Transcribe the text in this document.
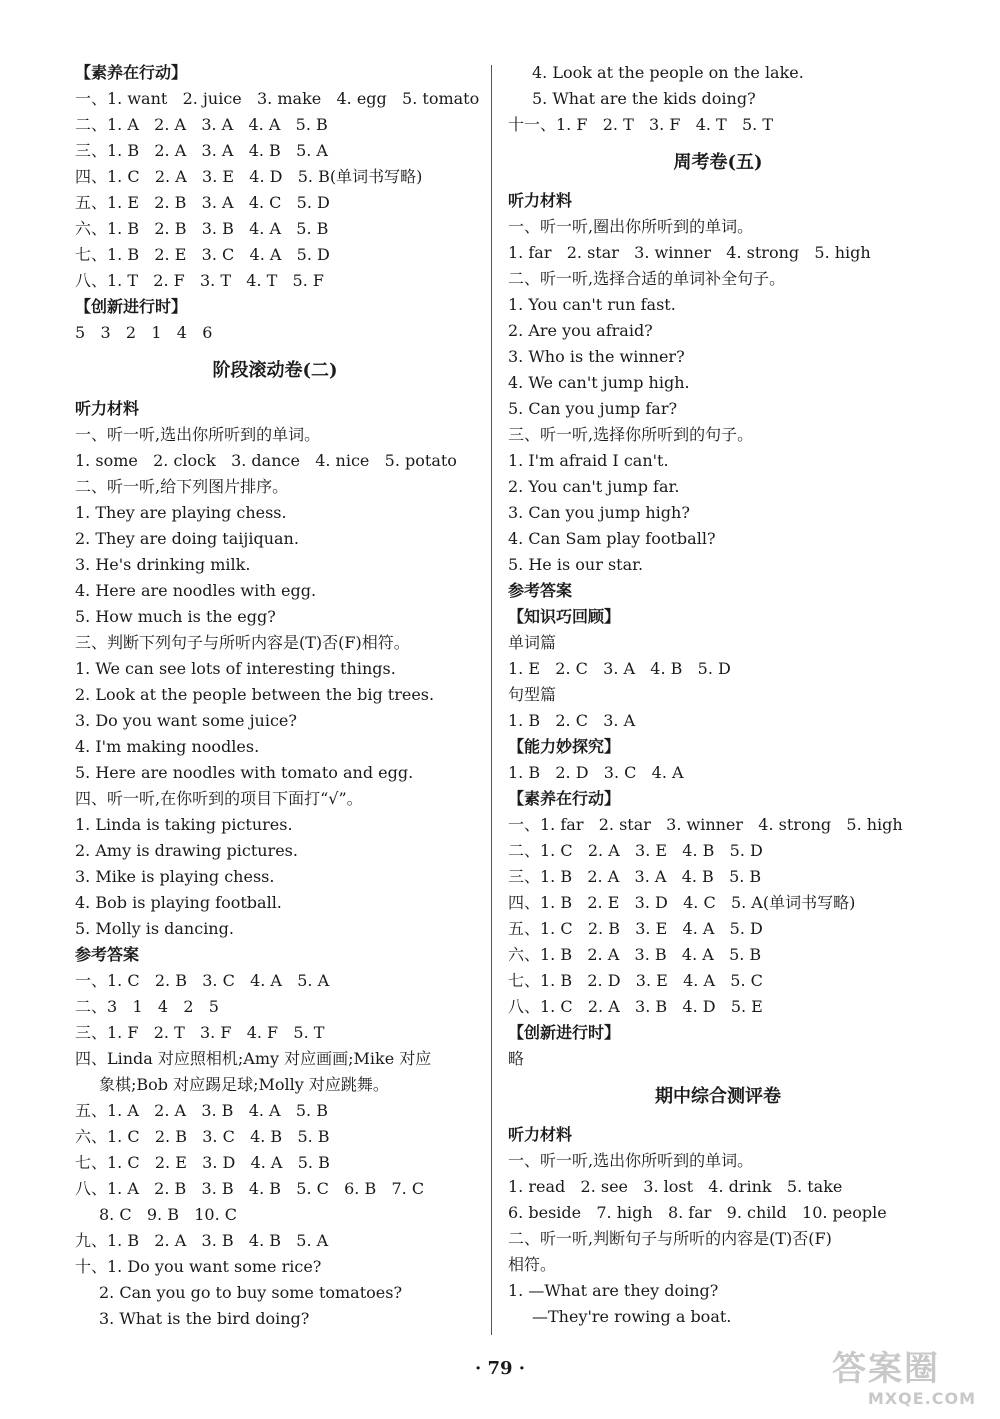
【素养在行动】
一、1. want   2. juice   3. make   4. egg   5. tomato
二、1. A   2. A   3. A   4. A   5. B
三、1. B   2. A   3. A   4. B   5. A
四、1. C   2. A   3. E   4. D   5. B(单词书写略)
五、1. E   2. B   3. A   4. C   5. D
六、1. B   2. B   3. B   4. A   5. B
七、1. B   2. E   3. C   4. A   5. D
八、1. T   2. F   3. T   4. T   5. F
【创新进行时】
5   3   2   1   4   6
阶段滚动卷(二)
听力材料
一、听一听,选出你所听到的单词。
1. some   2. clock   3. dance   4. nice   5. potato
二、听一听,给下列图片排序。
1. They are playing chess.
2. They are doing taijiquan.
3. He's drinking milk.
4. Here are noodles with egg.
5. How much is the egg?
三、判断下列句子与所听内容是(T)否(F)相符。
1. We can see lots of interesting things.
2. Look at the people between the big trees.
3. Do you want some juice?
4. I'm making noodles.
5. Here are noodles with tomato and egg.
四、听一听,在你听到的项目下面打“√”。
1. Linda is taking pictures.
2. Amy is drawing pictures.
3. Mike is playing chess.
4. Bob is playing football.
5. Molly is dancing.
参考答案
一、1. C   2. B   3. C   4. A   5. A
二、3   1   4   2   5
三、1. F   2. T   3. F   4. F   5. T
四、Linda 对应照相机;Amy 对应画画;Mike 对应
象棋;Bob 对应踢足球;Molly 对应跳舞。
五、1. A   2. A   3. B   4. A   5. B
六、1. C   2. B   3. C   4. B   5. B
七、1. C   2. E   3. D   4. A   5. B
八、1. A   2. B   3. B   4. B   5. C   6. B   7. C
8. C   9. B   10. C
九、1. B   2. A   3. B   4. B   5. A
十、1. Do you want some rice?
2. Can you go to buy some tomatoes?
3. What is the bird doing?
4. Look at the people on the lake.
5. What are the kids doing?
十一、1. F   2. T   3. F   4. T   5. T
周考卷(五)
听力材料
一、听一听,圈出你所听到的单词。
1. far   2. star   3. winner   4. strong   5. high
二、听一听,选择合适的单词补全句子。
1. You can't run fast.
2. Are you afraid?
3. Who is the winner?
4. We can't jump high.
5. Can you jump far?
三、听一听,选择你所听到的句子。
1. I'm afraid I can't.
2. You can't jump far.
3. Can you jump high?
4. Can Sam play football?
5. He is our star.
参考答案
【知识巧回顾】
单词篇
1. E   2. C   3. A   4. B   5. D
句型篇
1. B   2. C   3. A
【能力妙探究】
1. B   2. D   3. C   4. A
【素养在行动】
一、1. far   2. star   3. winner   4. strong   5. high
二、1. C   2. A   3. E   4. B   5. D
三、1. B   2. A   3. A   4. B   5. B
四、1. B   2. E   3. D   4. C   5. A(单词书写略)
五、1. C   2. B   3. E   4. A   5. D
六、1. B   2. A   3. B   4. A   5. B
七、1. B   2. D   3. E   4. A   5. C
八、1. C   2. A   3. B   4. D   5. E
【创新进行时】
略
期中综合测评卷
听力材料
一、听一听,选出你所听到的单词。
1. read   2. see   3. lost   4. drink   5. take
6. beside   7. high   8. far   9. child   10. people
二、听一听,判断句子与所听的内容是(T)否(F)
相符。
1. —What are they doing?
—They're rowing a boat.
· 79 ·	答案圈
MXQE.COM
